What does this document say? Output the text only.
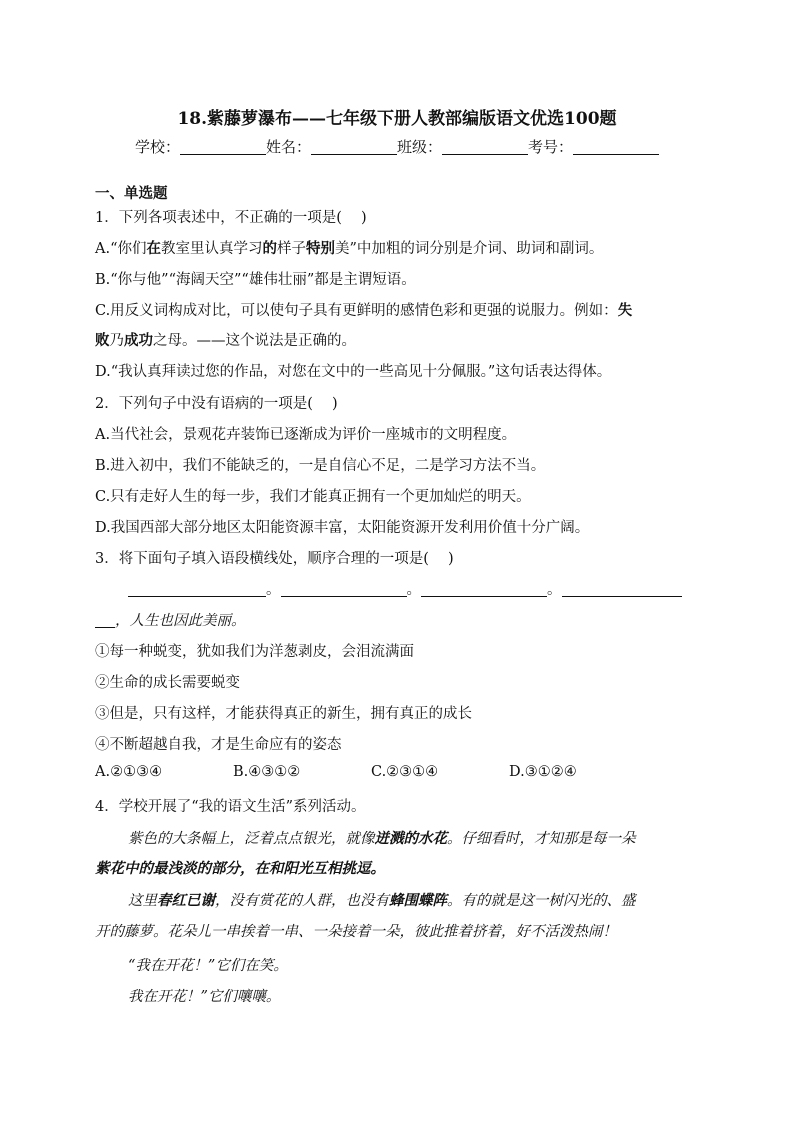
18.紫藤萝瀑布——七年级下册人教部编版语文优选100题
学校：	姓名：	班级：	考号：
一、单选题
1．下列各项表述中，不正确的一项是(　 )
A.“你们在教室里认真学习的样子特别美”中加粗的词分别是介词、助词和副词。
B.“你与他”“海阔天空”“雄伟壮丽”都是主谓短语。
C.用反义词构成对比，可以使句子具有更鲜明的感情色彩和更强的说服力。例如：失
败乃成功之母。——这个说法是正确的。
D.“我认真拜读过您的作品，对您在文中的一些高见十分佩服。”这句话表达得体。
2．下列句子中没有语病的一项是(　 )
A.当代社会，景观花卉装饰已逐渐成为评价一座城市的文明程度。
B.进入初中，我们不能缺乏的，一是自信心不足，二是学习方法不当。
C.只有走好人生的每一步，我们才能真正拥有一个更加灿烂的明天。
D.我国西部大部分地区太阳能资源丰富，太阳能资源开发利用价值十分广阔。
3．将下面句子填入语段横线处，顺序合理的一项是(　 )
。	。	。
，人生也因此美丽。
①每一种蜕变，犹如我们为洋葱剥皮，会泪流满面
②生命的成长需要蜕变
③但是，只有这样，才能获得真正的新生，拥有真正的成长
④不断超越自我，才是生命应有的姿态
A.②①③④	B.④③①②	C.②③①④	D.③①②④
4．学校开展了“我的语文生活”系列活动。
紫色的大条幅上，泛着点点银光，就像迸溅的水花。仔细看时，才知那是每一朵
紫花中的最浅淡的部分，在和阳光互相挑逗。
这里春红已谢，没有赏花的人群，也没有蜂围蝶阵。有的就是这一树闪光的、盛
开的藤萝。花朵儿一串挨着一串、一朵接着一朵，彼此推着挤着，好不活泼热闹！
“我在开花！”它们在笑。
我在开花！”它们嚷嚷。
